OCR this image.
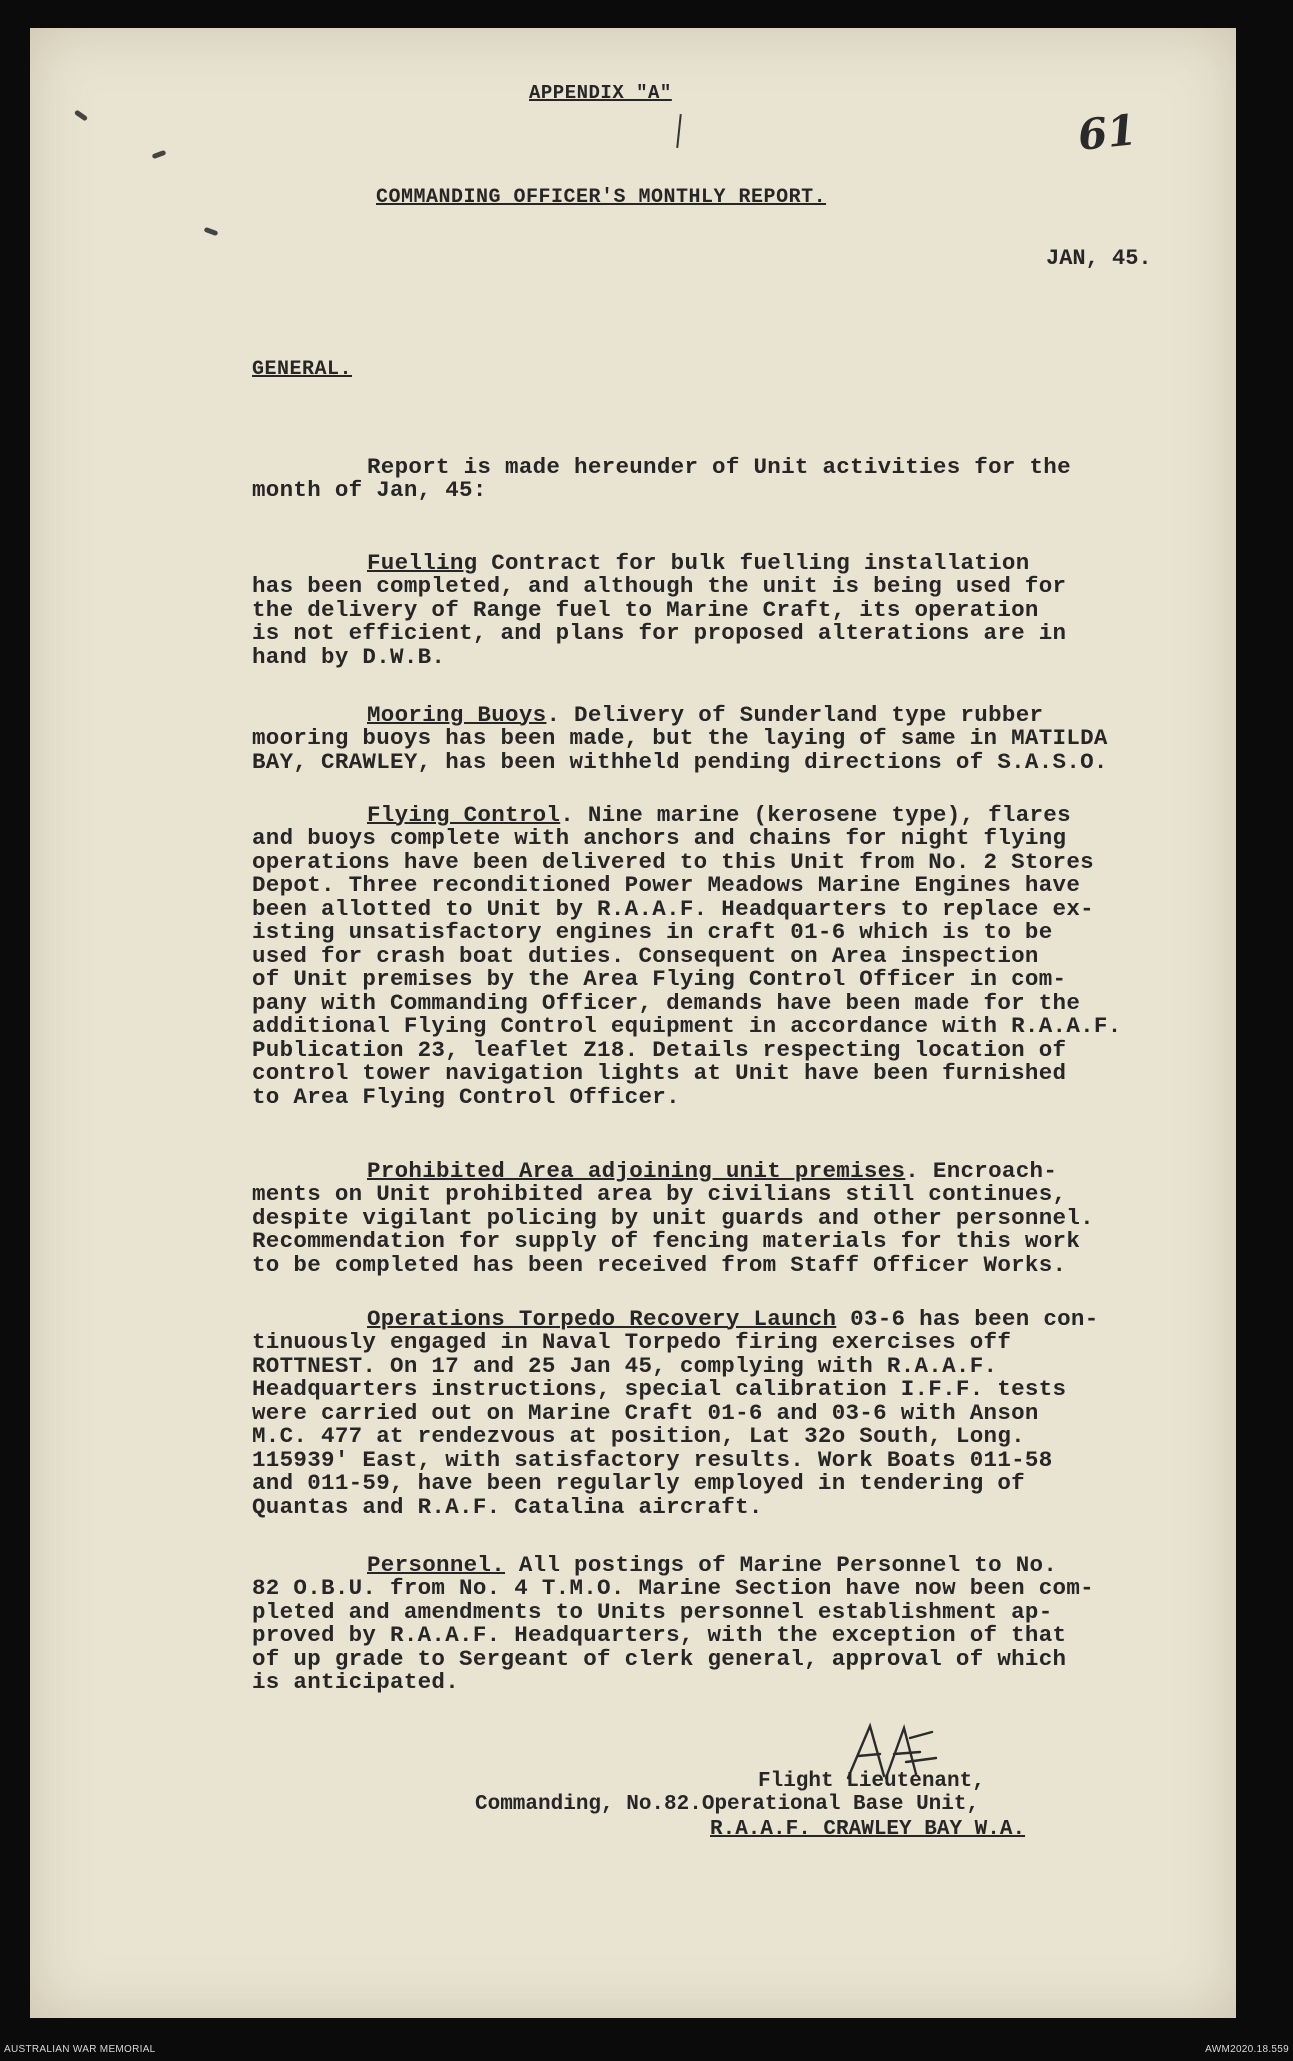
APPENDIX "A"
61
COMMANDING OFFICER'S MONTHLY REPORT.
JAN, 45.
GENERAL.

Report is made hereunder of Unit activities for the
month of Jan, 45:

Fuelling Contract for bulk fuelling installation
has been completed, and although the unit is being used for
the delivery of Range fuel to Marine Craft, its operation
is not efficient, and plans for proposed alterations are in
hand by D.W.B.

Mooring Buoys. Delivery of Sunderland type rubber
mooring buoys has been made, but the laying of same in MATILDA
BAY, CRAWLEY, has been withheld pending directions of S.A.S.O.

Flying Control. Nine marine (kerosene type), flares
and buoys complete with anchors and chains for night flying
operations have been delivered to this Unit from No. 2 Stores
Depot. Three reconditioned Power Meadows Marine Engines have
been allotted to Unit by R.A.A.F. Headquarters to replace ex-
isting unsatisfactory engines in craft 01-6 which is to be
used for crash boat duties. Consequent on Area inspection
of Unit premises by the Area Flying Control Officer in com-
pany with Commanding Officer, demands have been made for the
additional Flying Control equipment in accordance with R.A.A.F.
Publication 23, leaflet Z18. Details respecting location of
control tower navigation lights at Unit have been furnished
to Area Flying Control Officer.

Prohibited Area adjoining unit premises. Encroach-
ments on Unit prohibited area by civilians still continues,
despite vigilant policing by unit guards and other personnel.
Recommendation for supply of fencing materials for this work
to be completed has been received from Staff Officer Works.

Operations Torpedo Recovery Launch 03-6 has been con-
tinuously engaged in Naval Torpedo firing exercises off
ROTTNEST. On 17 and 25 Jan 45, complying with R.A.A.F.
Headquarters instructions, special calibration I.F.F. tests
were carried out on Marine Craft 01-6 and 03-6 with Anson
M.C. 477 at rendezvous at position, Lat 32o South, Long.
115939' East, with satisfactory results. Work Boats 011-58
and 011-59, have been regularly employed in tendering of
Quantas and R.A.F. Catalina aircraft.

Personnel. All postings of Marine Personnel to No.
82 O.B.U. from No. 4 T.M.O. Marine Section have now been com-
pleted and amendments to Units personnel establishment ap-
proved by R.A.A.F. Headquarters, with the exception of that
of up grade to Sergeant of clerk general, approval of which
is anticipated.

Flight Lieutenant,
Commanding, No.82.Operational Base Unit,
R.A.A.F. CRAWLEY BAY W.A.
AUSTRALIAN WAR MEMORIAL	AWM2020.18.559
